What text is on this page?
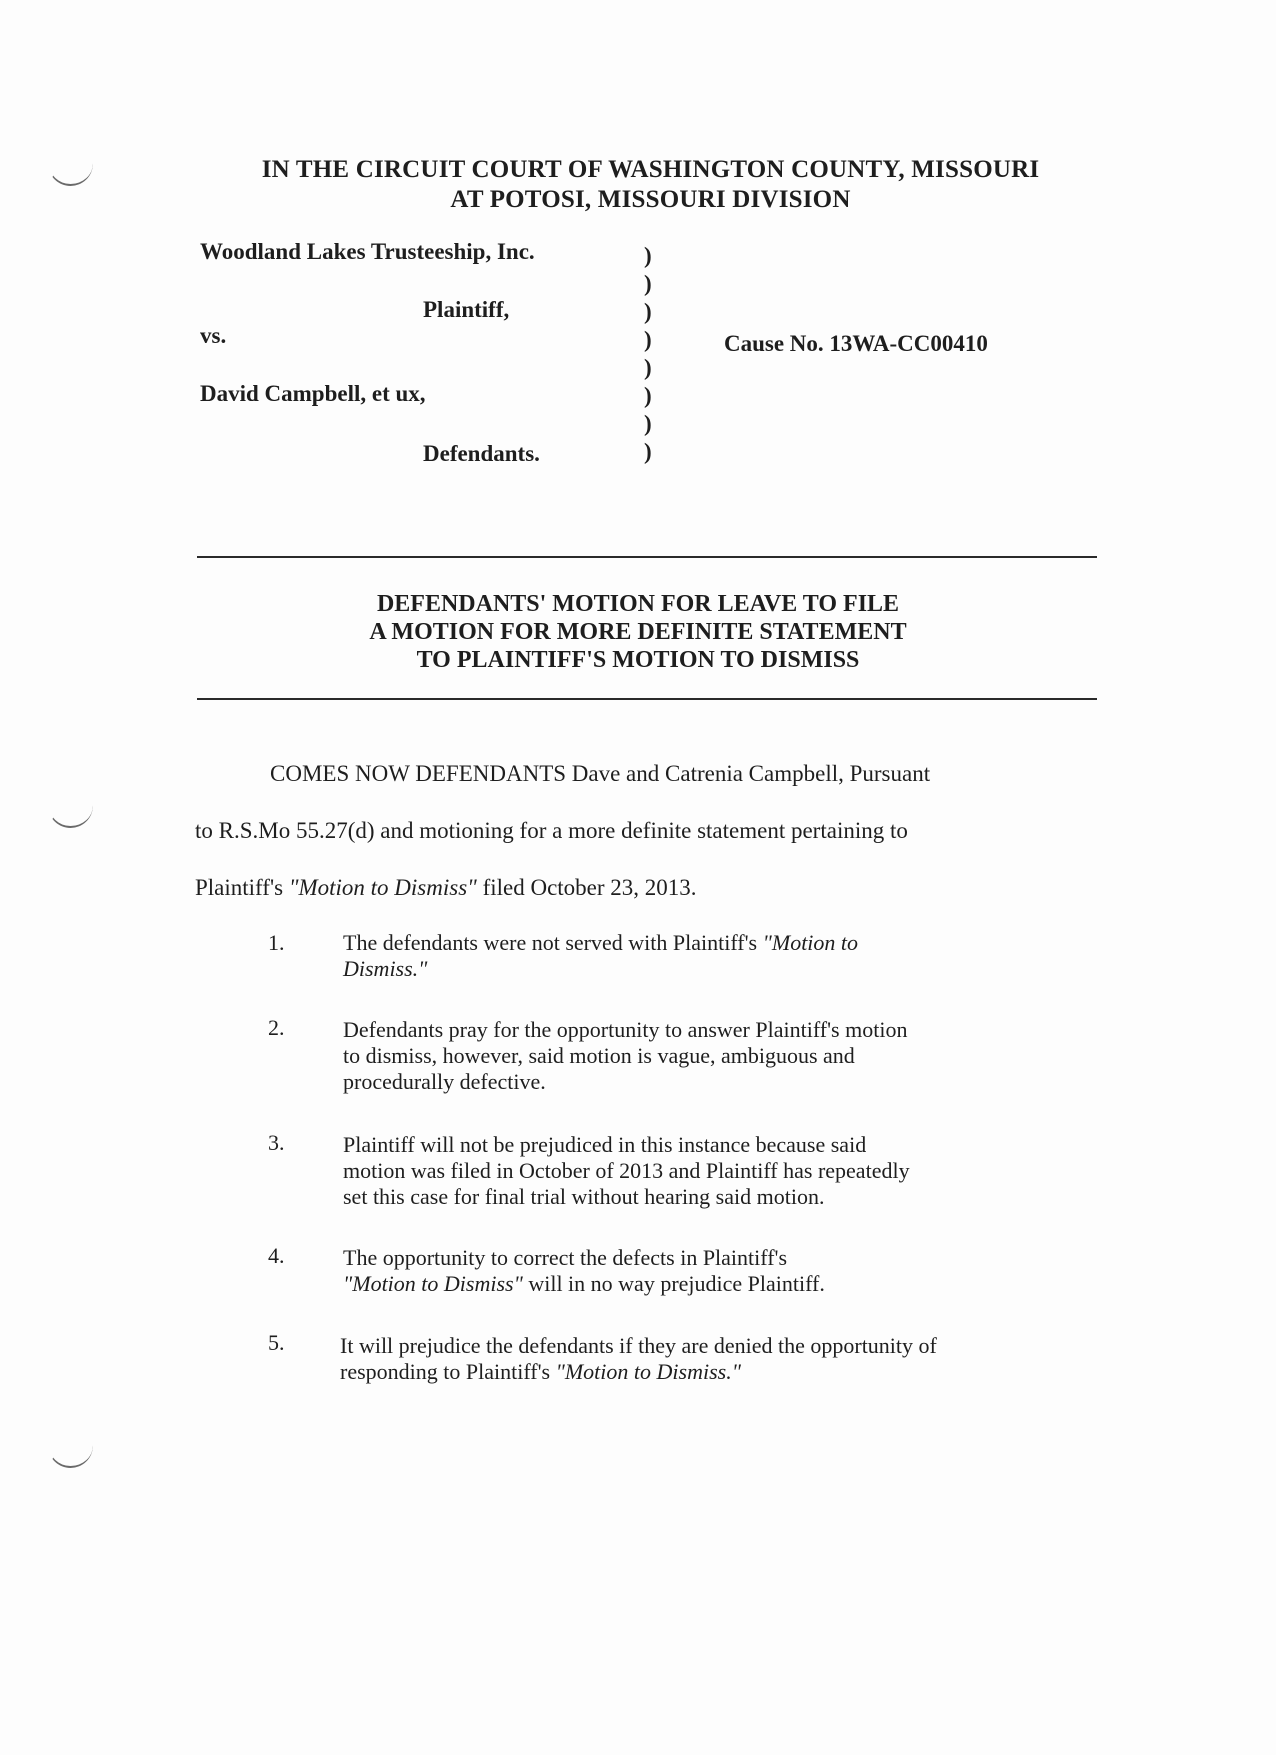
IN THE CIRCUIT COURT OF WASHINGTON COUNTY, MISSOURI
AT POTOSI, MISSOURI DIVISION
Woodland Lakes Trusteeship, Inc.
Plaintiff,
vs.
David Campbell, et ux,
Defendants.
)
)
)
)
)
)
)
)
Cause No. 13WA-CC00410
DEFENDANTS' MOTION FOR LEAVE TO FILE
A MOTION FOR MORE DEFINITE STATEMENT
TO PLAINTIFF'S MOTION TO DISMISS
COMES NOW DEFENDANTS Dave and Catrenia Campbell, Pursuant
to R.S.Mo 55.27(d) and motioning for a more definite statement pertaining to
Plaintiff's "Motion to Dismiss" filed October 23, 2013.
1.	The defendants were not served with Plaintiff's "Motion to
Dismiss."
2.	Defendants pray for the opportunity to answer Plaintiff's motion
to dismiss, however, said motion is vague, ambiguous and
procedurally defective.
3.	Plaintiff will not be prejudiced in this instance because said
motion was filed in October of 2013 and Plaintiff has repeatedly
set this case for final trial without hearing said motion.
4.	The opportunity to correct the defects in Plaintiff's
"Motion to Dismiss" will in no way prejudice Plaintiff.
5.	It will prejudice the defendants if they are denied the opportunity of
responding to Plaintiff's "Motion to Dismiss."
